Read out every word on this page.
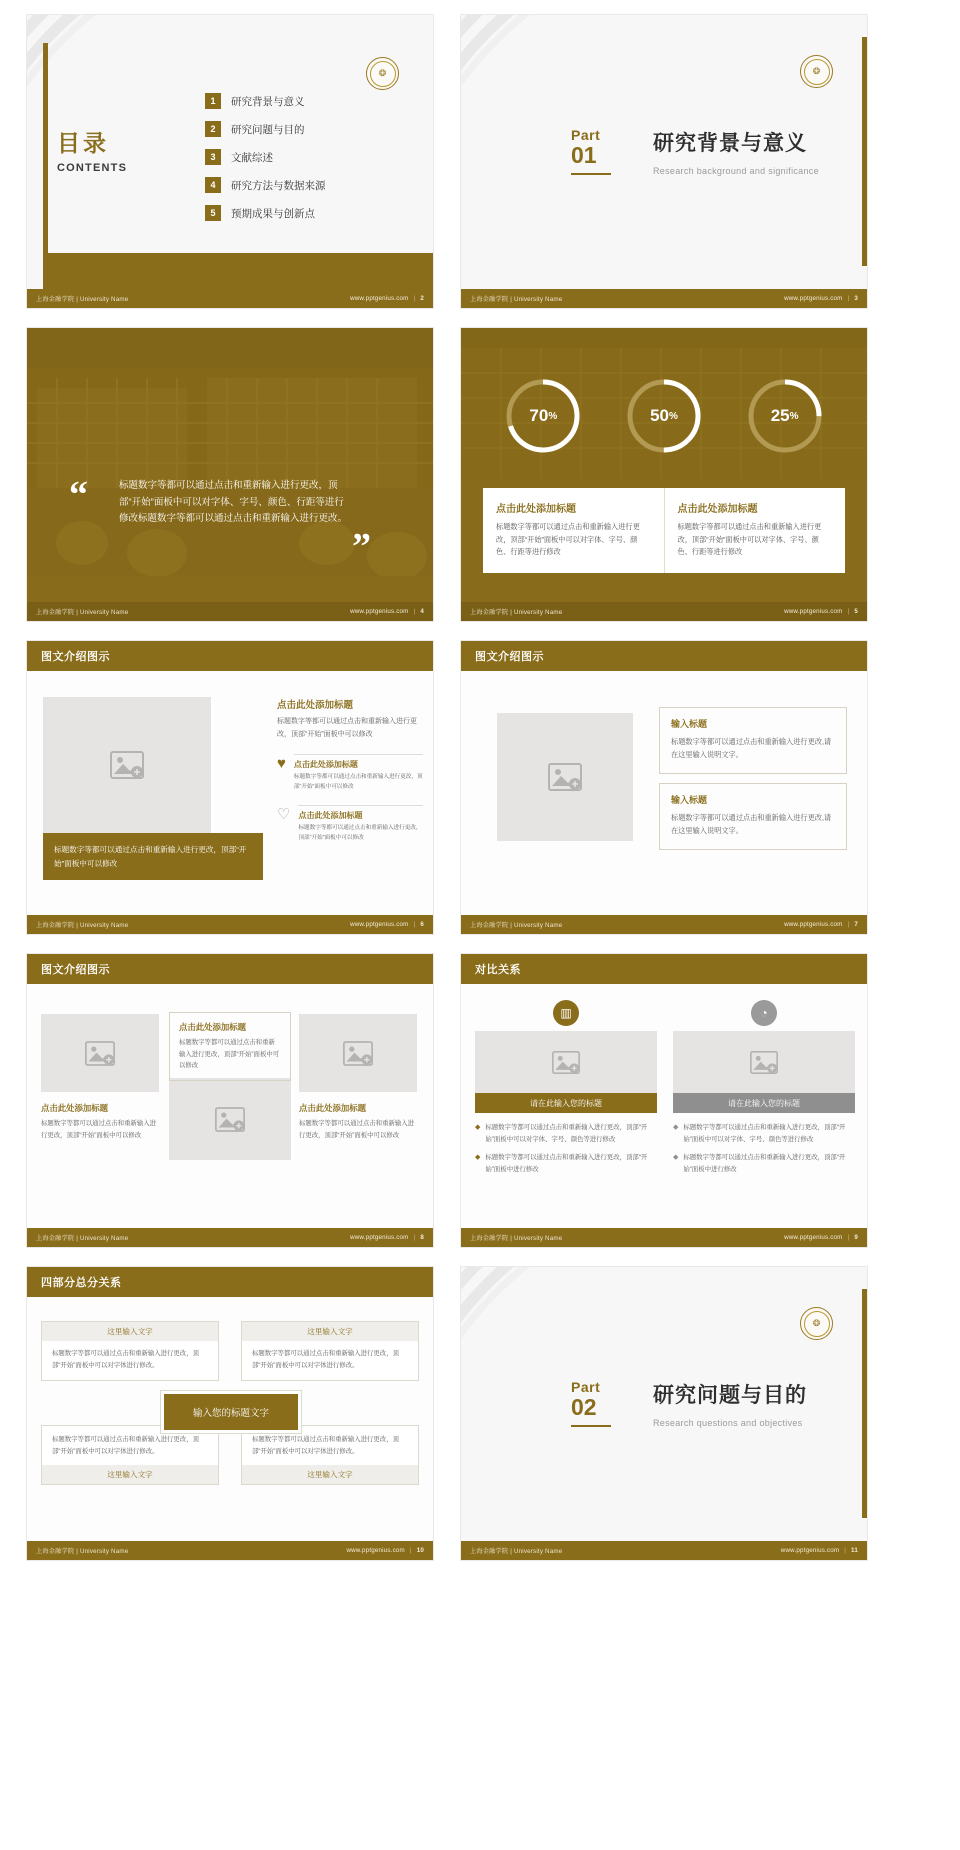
❂
目录
CONTENTS
1	研究背景与意义
2	研究问题与目的
3	文献综述
4	研究方法与数据来源
5	预期成果与创新点
上海金融学院 | University Name	www.pptgenius.com | 2
❂
Part
01	研究背景与意义
Research background and significance
上海金融学院 | University Name	www.pptgenius.com | 3
“	标题数字等都可以通过点击和重新输入进行更改，顶部“开始”面板中可以对字体、字号、颜色、行距等进行修改标题数字等都可以通过点击和重新输入进行更改。
”
上海金融学院 | University Name	www.pptgenius.com | 4
70 %	50 %	25 %
点击此处添加标题

标题数字等都可以通过点击和重新输入进行更改，顶部“开始”面板中可以对字体、字号、颜色、行距等进行修改

点击此处添加标题

标题数字等都可以通过点击和重新输入进行更改，顶部“开始”面板中可以对字体、字号、颜色、行距等进行修改

上海金融学院 | University Name	www.pptgenius.com | 5
图文介绍图示
标题数字等都可以通过点击和重新输入进行更改，顶部“开始”面板中可以修改
点击此处添加标题

标题数字等都可以通过点击和重新输入进行更改，顶部“开始”面板中可以修改

♥ 点击此处添加标题

标题数字等都可以通过点击和重新输入进行更改，顶部“开始”面板中可以修改

♡ 点击此处添加标题

标题数字等都可以通过点击和重新输入进行更改，顶部“开始”面板中可以修改

上海金融学院 | University Name	www.pptgenius.com | 6
图文介绍图示
输入标题

标题数字等都可以通过点击和重新输入进行更改,请在这里输入说明文字。

输入标题

标题数字等都可以通过点击和重新输入进行更改,请在这里输入说明文字。

上海金融学院 | University Name	www.pptgenius.com | 7
图文介绍图示
点击此处添加标题

标题数字等都可以通过点击和重新输入进行更改，顶部“开始”面板中可以修改

点击此处添加标题

标题数字等都可以通过点击和重新输入进行更改，顶部“开始”面板中可以修改

点击此处添加标题

标题数字等都可以通过点击和重新输入进行更改，顶部“开始”面板中可以修改

上海金融学院 | University Name	www.pptgenius.com | 8
对比关系
▥
请在此输入您的标题
◆ 标题数字等都可以通过点击和重新输入进行更改，顶部“开始”面板中可以对字体、字号、颜色等进行修改
◆ 标题数字等都可以通过点击和重新输入进行更改，顶部“开始”面板中进行修改
◔
请在此输入您的标题
◆ 标题数字等都可以通过点击和重新输入进行更改，顶部“开始”面板中可以对字体、字号、颜色等进行修改
◆ 标题数字等都可以通过点击和重新输入进行更改，顶部“开始”面板中进行修改
上海金融学院 | University Name	www.pptgenius.com | 9
四部分总分关系
这里输入文字

标题数字等都可以通过点击和重新输入进行更改，顶部“开始”面板中可以对字体进行修改。

这里输入文字

标题数字等都可以通过点击和重新输入进行更改，顶部“开始”面板中可以对字体进行修改。

标题数字等都可以通过点击和重新输入进行更改，顶部“开始”面板中可以对字体进行修改。

这里输入文字

标题数字等都可以通过点击和重新输入进行更改，顶部“开始”面板中可以对字体进行修改。

这里输入文字
输入您的标题文字
上海金融学院 | University Name	www.pptgenius.com | 10
❂
Part
02	研究问题与目的
Research questions and objectives
上海金融学院 | University Name	www.pptgenius.com | 11
